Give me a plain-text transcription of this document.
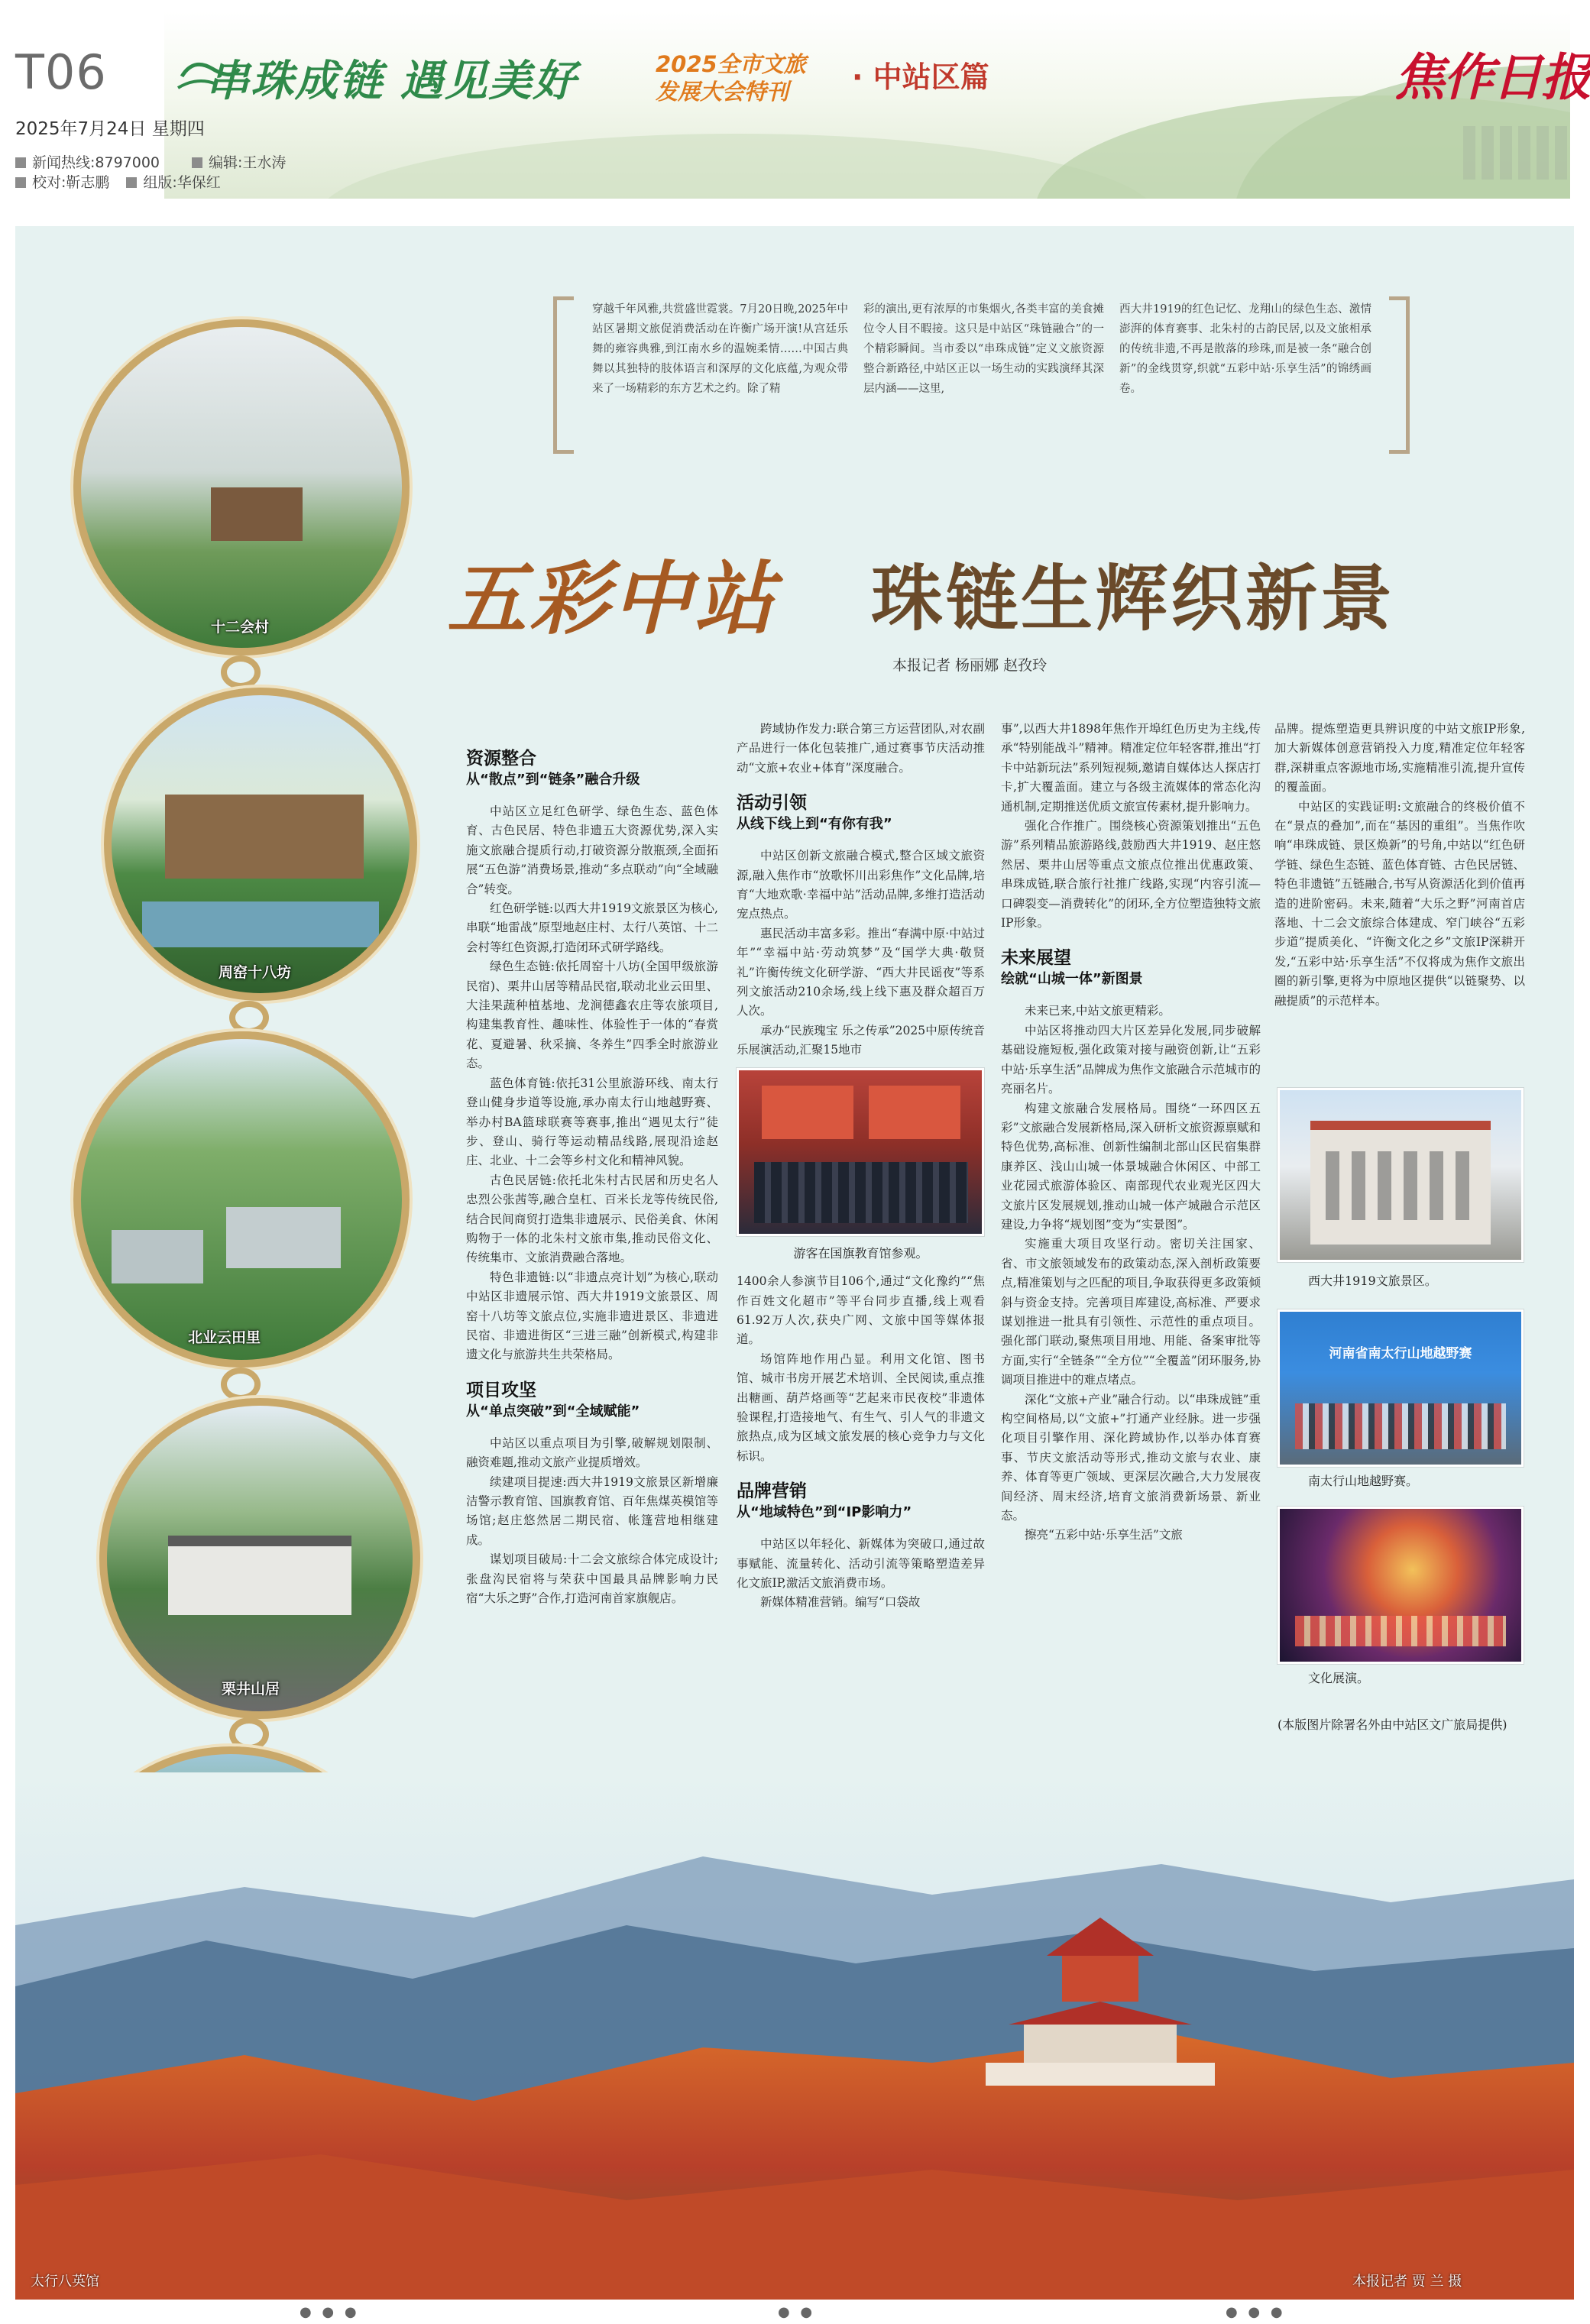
T06
2025年7月24日 星期四
新闻热线:8797000	编辑:王水涛
校对:靳志鹏 组版:华保红
串珠成链 遇见美好	2025全市文旅
发展大会特刊	· 中站区篇	焦作日报
十二会村
周窑十八坊
北业云田里
栗井山居
穿越千年风雅,共赏盛世霓裳。7月20日晚,2025年中站区暑期文旅促消费活动在许衡广场开演!从宫廷乐舞的雍容典雅,到江南水乡的温婉柔情……中国古典舞以其独特的肢体语言和深厚的文化底蕴,为观众带来了一场精彩的东方艺术之约。除了精
彩的演出,更有浓厚的市集烟火,各类丰富的美食摊位令人目不暇接。这只是中站区“珠链融合”的一个精彩瞬间。当市委以“串珠成链”定义文旅资源整合新路径,中站区正以一场生动的实践演绎其深层内涵——这里,
西大井1919的红色记忆、龙翔山的绿色生态、激情澎湃的体育赛事、北朱村的古韵民居,以及文旅相承的传统非遗,不再是散落的珍珠,而是被一条“融合创新”的金线贯穿,织就“五彩中站·乐享生活”的锦绣画卷。
五彩中站 珠链生辉织新景
本报记者 杨丽娜 赵孜玲
资源整合
从“散点”到“链条”融合升级

中站区立足红色研学、绿色生态、蓝色体育、古色民居、特色非遗五大资源优势,深入实施文旅融合提质行动,打破资源分散瓶颈,全面拓展“五色游”消费场景,推动“多点联动”向“全域融合”转变。

红色研学链:以西大井1919文旅景区为核心,串联“地雷战”原型地赵庄村、太行八英馆、十二会村等红色资源,打造闭环式研学路线。

绿色生态链:依托周窑十八坊(全国甲级旅游民宿)、栗井山居等精品民宿,联动北业云田里、大洼果蔬种植基地、龙涧德鑫农庄等农旅项目,构建集教育性、趣味性、体验性于一体的“春赏花、夏避暑、秋采摘、冬养生”四季全时旅游业态。

蓝色体育链:依托31公里旅游环线、南太行登山健身步道等设施,承办南太行山地越野赛、举办村BA篮球联赛等赛事,推出“遇见太行”徒步、登山、骑行等运动精品线路,展现沿途赵庄、北业、十二会等乡村文化和精神风貌。

古色民居链:依托北朱村古民居和历史名人忠烈公张茜等,融合皇杠、百米长龙等传统民俗,结合民间商贸打造集非遗展示、民俗美食、休闲购物于一体的北朱村文旅市集,推动民俗文化、传统集市、文旅消费融合落地。

特色非遗链:以“非遗点亮计划”为核心,联动中站区非遗展示馆、西大井1919文旅景区、周窑十八坊等文旅点位,实施非遗进景区、非遗进民宿、非遗进街区“三进三融”创新模式,构建非遗文化与旅游共生共荣格局。

项目攻坚
从“单点突破”到“全域赋能”

中站区以重点项目为引擎,破解规划限制、融资难题,推动文旅产业提质增效。

续建项目提速:西大井1919文旅景区新增廉洁警示教育馆、国旗教育馆、百年焦煤英模馆等场馆;赵庄悠然居二期民宿、帐篷营地相继建成。

谋划项目破局:十二会文旅综合体完成设计;张盘沟民宿将与荣获中国最具品牌影响力民宿“大乐之野”合作,打造河南首家旗舰店。

跨域协作发力:联合第三方运营团队,对农副产品进行一体化包装推广,通过赛事节庆活动推动“文旅+农业+体育”深度融合。

活动引领
从线下线上到“有你有我”

中站区创新文旅融合模式,整合区域文旅资源,融入焦作市“放歌怀川出彩焦作”文化品牌,培育“大地欢歌·幸福中站”活动品牌,多维打造活动宠点热点。

惠民活动丰富多彩。推出“春满中原·中站过年”“幸福中站·劳动筑梦”及“国学大典·敬贤礼”许衡传统文化研学游、“西大井民谣夜”等系列文旅活动210余场,线上线下惠及群众超百万人次。

承办“民族瑰宝 乐之传承”2025中原传统音乐展演活动,汇聚15地市

游客在国旗教育馆参观。

1400余人参演节目106个,通过“文化豫约”“焦作百姓文化超市”等平台同步直播,线上观看61.92万人次,获央广网、文旅中国等媒体报道。

场馆阵地作用凸显。利用文化馆、图书馆、城市书房开展艺术培训、全民阅读,重点推出糖画、葫芦烙画等“艺起来市民夜校”非遗体验课程,打造接地气、有生气、引人气的非遗文旅热点,成为区域文旅发展的核心竞争力与文化标识。

品牌营销
从“地域特色”到“IP影响力”

中站区以年轻化、新媒体为突破口,通过故事赋能、流量转化、活动引流等策略塑造差异化文旅IP,激活文旅消费市场。

新媒体精准营销。编写“口袋故

事”,以西大井1898年焦作开埠红色历史为主线,传承“特别能战斗”精神。精准定位年轻客群,推出“打卡中站新玩法”系列短视频,邀请自媒体达人探店打卡,扩大覆盖面。建立与各级主流媒体的常态化沟通机制,定期推送优质文旅宣传素材,提升影响力。

强化合作推广。围绕核心资源策划推出“五色游”系列精品旅游路线,鼓励西大井1919、赵庄悠然居、栗井山居等重点文旅点位推出优惠政策、串珠成链,联合旅行社推广线路,实现“内容引流—口碑裂变—消费转化”的闭环,全方位塑造独特文旅IP形象。

未来展望
绘就“山城一体”新图景

未来已来,中站文旅更精彩。

中站区将推动四大片区差异化发展,同步破解基础设施短板,强化政策对接与融资创新,让“五彩中站·乐享生活”品牌成为焦作文旅融合示范城市的亮丽名片。

构建文旅融合发展格局。围绕“一环四区五彩”文旅融合发展新格局,深入研析文旅资源禀赋和特色优势,高标准、创新性编制北部山区民宿集群康养区、浅山山城一体景城融合休闲区、中部工业花园式旅游体验区、南部现代农业观光区四大文旅片区发展规划,推动山城一体产城融合示范区建设,力争将“规划图”变为“实景图”。

实施重大项目攻坚行动。密切关注国家、省、市文旅领域发布的政策动态,深入剖析政策要点,精准策划与之匹配的项目,争取获得更多政策倾斜与资金支持。完善项目库建设,高标准、严要求谋划推进一批具有引领性、示范性的重点项目。强化部门联动,聚焦项目用地、用能、备案审批等方面,实行“全链条”“全方位”“全覆盖”闭环服务,协调项目推进中的难点堵点。

深化“文旅+产业”融合行动。以“串珠成链”重构空间格局,以“文旅+”打通产业经脉。进一步强化项目引擎作用、深化跨域协作,以举办体育赛事、节庆文旅活动等形式,推动文旅与农业、康养、体育等更广领域、更深层次融合,大力发展夜间经济、周末经济,培育文旅消费新场景、新业态。

擦亮“五彩中站·乐享生活”文旅

品牌。提炼塑造更具辨识度的中站文旅IP形象,加大新媒体创意营销投入力度,精准定位年轻客群,深耕重点客源地市场,实施精准引流,提升宣传的覆盖面。

中站区的实践证明:文旅融合的终极价值不在“景点的叠加”,而在“基因的重组”。当焦作吹响“串珠成链、景区焕新”的号角,中站以“红色研学链、绿色生态链、蓝色体育链、古色民居链、特色非遗链”五链融合,书写从资源活化到价值再造的进阶密码。未来,随着“大乐之野”河南首店落地、十二会文旅综合体建成、窄门峡谷“五彩步道”提质美化、“许衡文化之乡”文旅IP深耕开发,“五彩中站·乐享生活”不仅将成为焦作文旅出圈的新引擎,更将为中原地区提供“以链聚势、以融提质”的示范样本。

西大井1919文旅景区。
河南省南太行山地越野赛
南太行山地越野赛。
文化展演。
(本版图片除署名外由中站区文广旅局提供)
太行八英馆	本报记者 贾 兰 摄
● ● ●	● ●	● ● ●
